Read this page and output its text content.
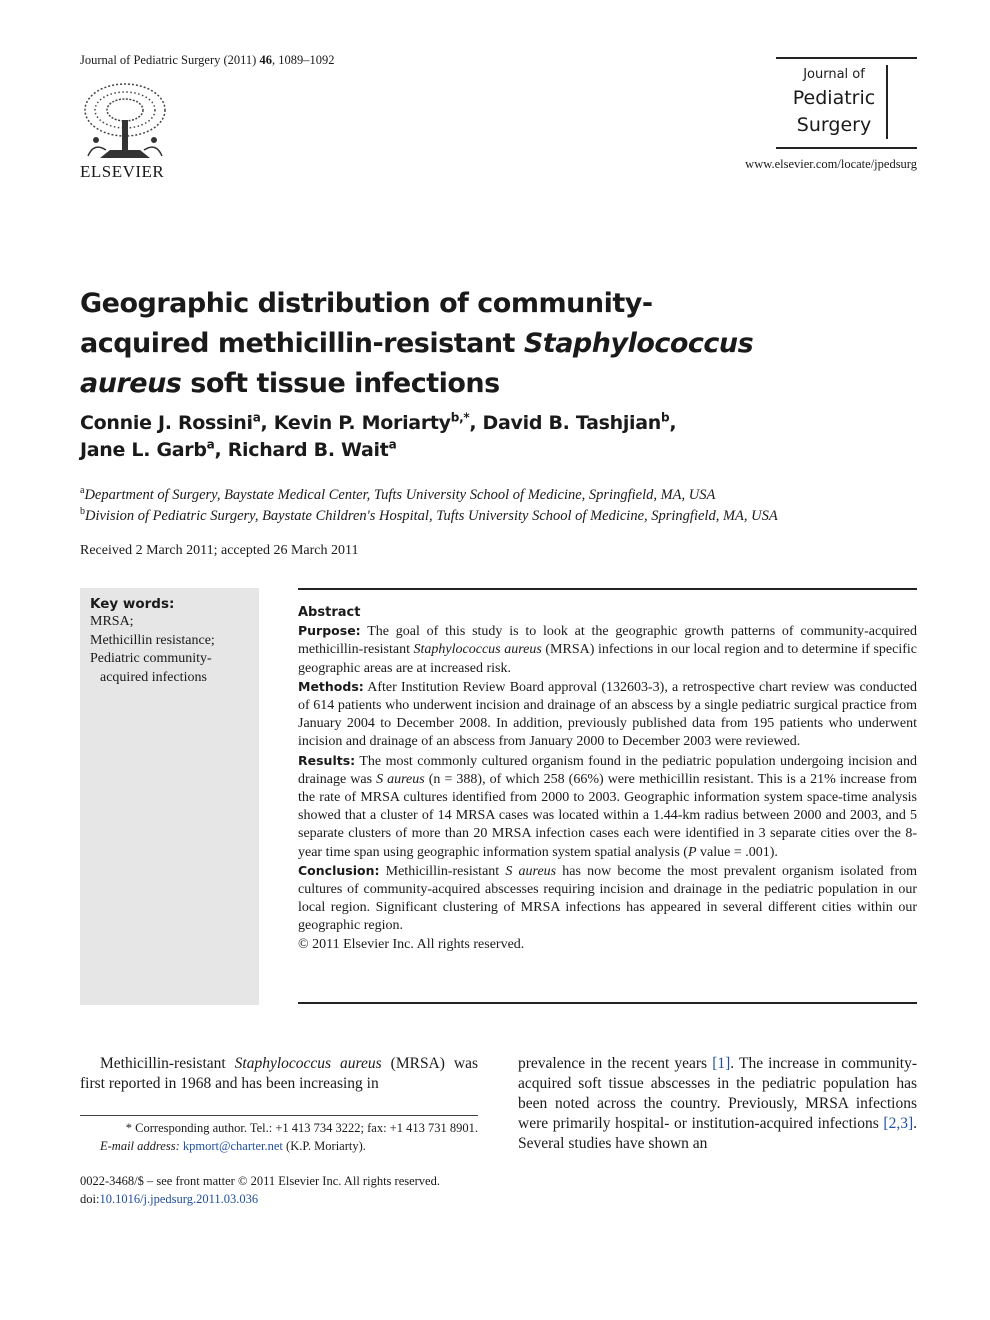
Journal of Pediatric Surgery (2011) 46, 1089–1092
ELSEVIER
Journal of
Pediatric
Surgery
www.elsevier.com/locate/jpedsurg
Geographic distribution of community-acquired methicillin-resistant Staphylococcus aureus soft tissue infections
Connie J. Rossini$^a$, Kevin P. Moriarty$^{b,*}$, David B. Tashjian$^b$,
Jane L. Garb$^a$, Richard B. Wait$^a$
$^a$Department of Surgery, Baystate Medical Center, Tufts University School of Medicine, Springfield, MA, USA
$^b$Division of Pediatric Surgery, Baystate Children's Hospital, Tufts University School of Medicine, Springfield, MA, USA
Received 2 March 2011; accepted 26 March 2011
Key words:
MRSA;
Methicillin resistance;
Pediatric community-
acquired infections

Abstract

Purpose: The goal of this study is to look at the geographic growth patterns of community-acquired methicillin-resistant Staphylococcus aureus (MRSA) infections in our local region and to determine if specific geographic areas are at increased risk.

Methods: After Institution Review Board approval (132603-3), a retrospective chart review was conducted of 614 patients who underwent incision and drainage of an abscess by a single pediatric surgical practice from January 2004 to December 2008. In addition, previously published data from 195 patients who underwent incision and drainage of an abscess from January 2000 to December 2003 were reviewed.

Results: The most commonly cultured organism found in the pediatric population undergoing incision and drainage was S aureus (n = 388), of which 258 (66%) were methicillin resistant. This is a 21% increase from the rate of MRSA cultures identified from 2000 to 2003. Geographic information system space-time analysis showed that a cluster of 14 MRSA cases was located within a 1.44-km radius between 2000 and 2003, and 5 separate clusters of more than 20 MRSA infection cases each were identified in 3 separate cities over the 8-year time span using geographic information system spatial analysis (P value = .001).

Conclusion: Methicillin-resistant S aureus has now become the most prevalent organism isolated from cultures of community-acquired abscesses requiring incision and drainage in the pediatric population in our local region. Significant clustering of MRSA infections has appeared in several different cities within our geographic region.

© 2011 Elsevier Inc. All rights reserved.

Methicillin-resistant Staphylococcus aureus (MRSA) was first reported in 1968 and has been increasing in
prevalence in the recent years [1]. The increase in community-acquired soft tissue abscesses in the pediatric population has been noted across the country. Previously, MRSA infections were primarily hospital- or institution-acquired infections [2,3]. Several studies have shown an
* Corresponding author. Tel.: +1 413 734 3222; fax: +1 413 731 8901.
E-mail address: kpmort@charter.net (K.P. Moriarty).
0022-3468/$ – see front matter © 2011 Elsevier Inc. All rights reserved.
doi:10.1016/j.jpedsurg.2011.03.036
